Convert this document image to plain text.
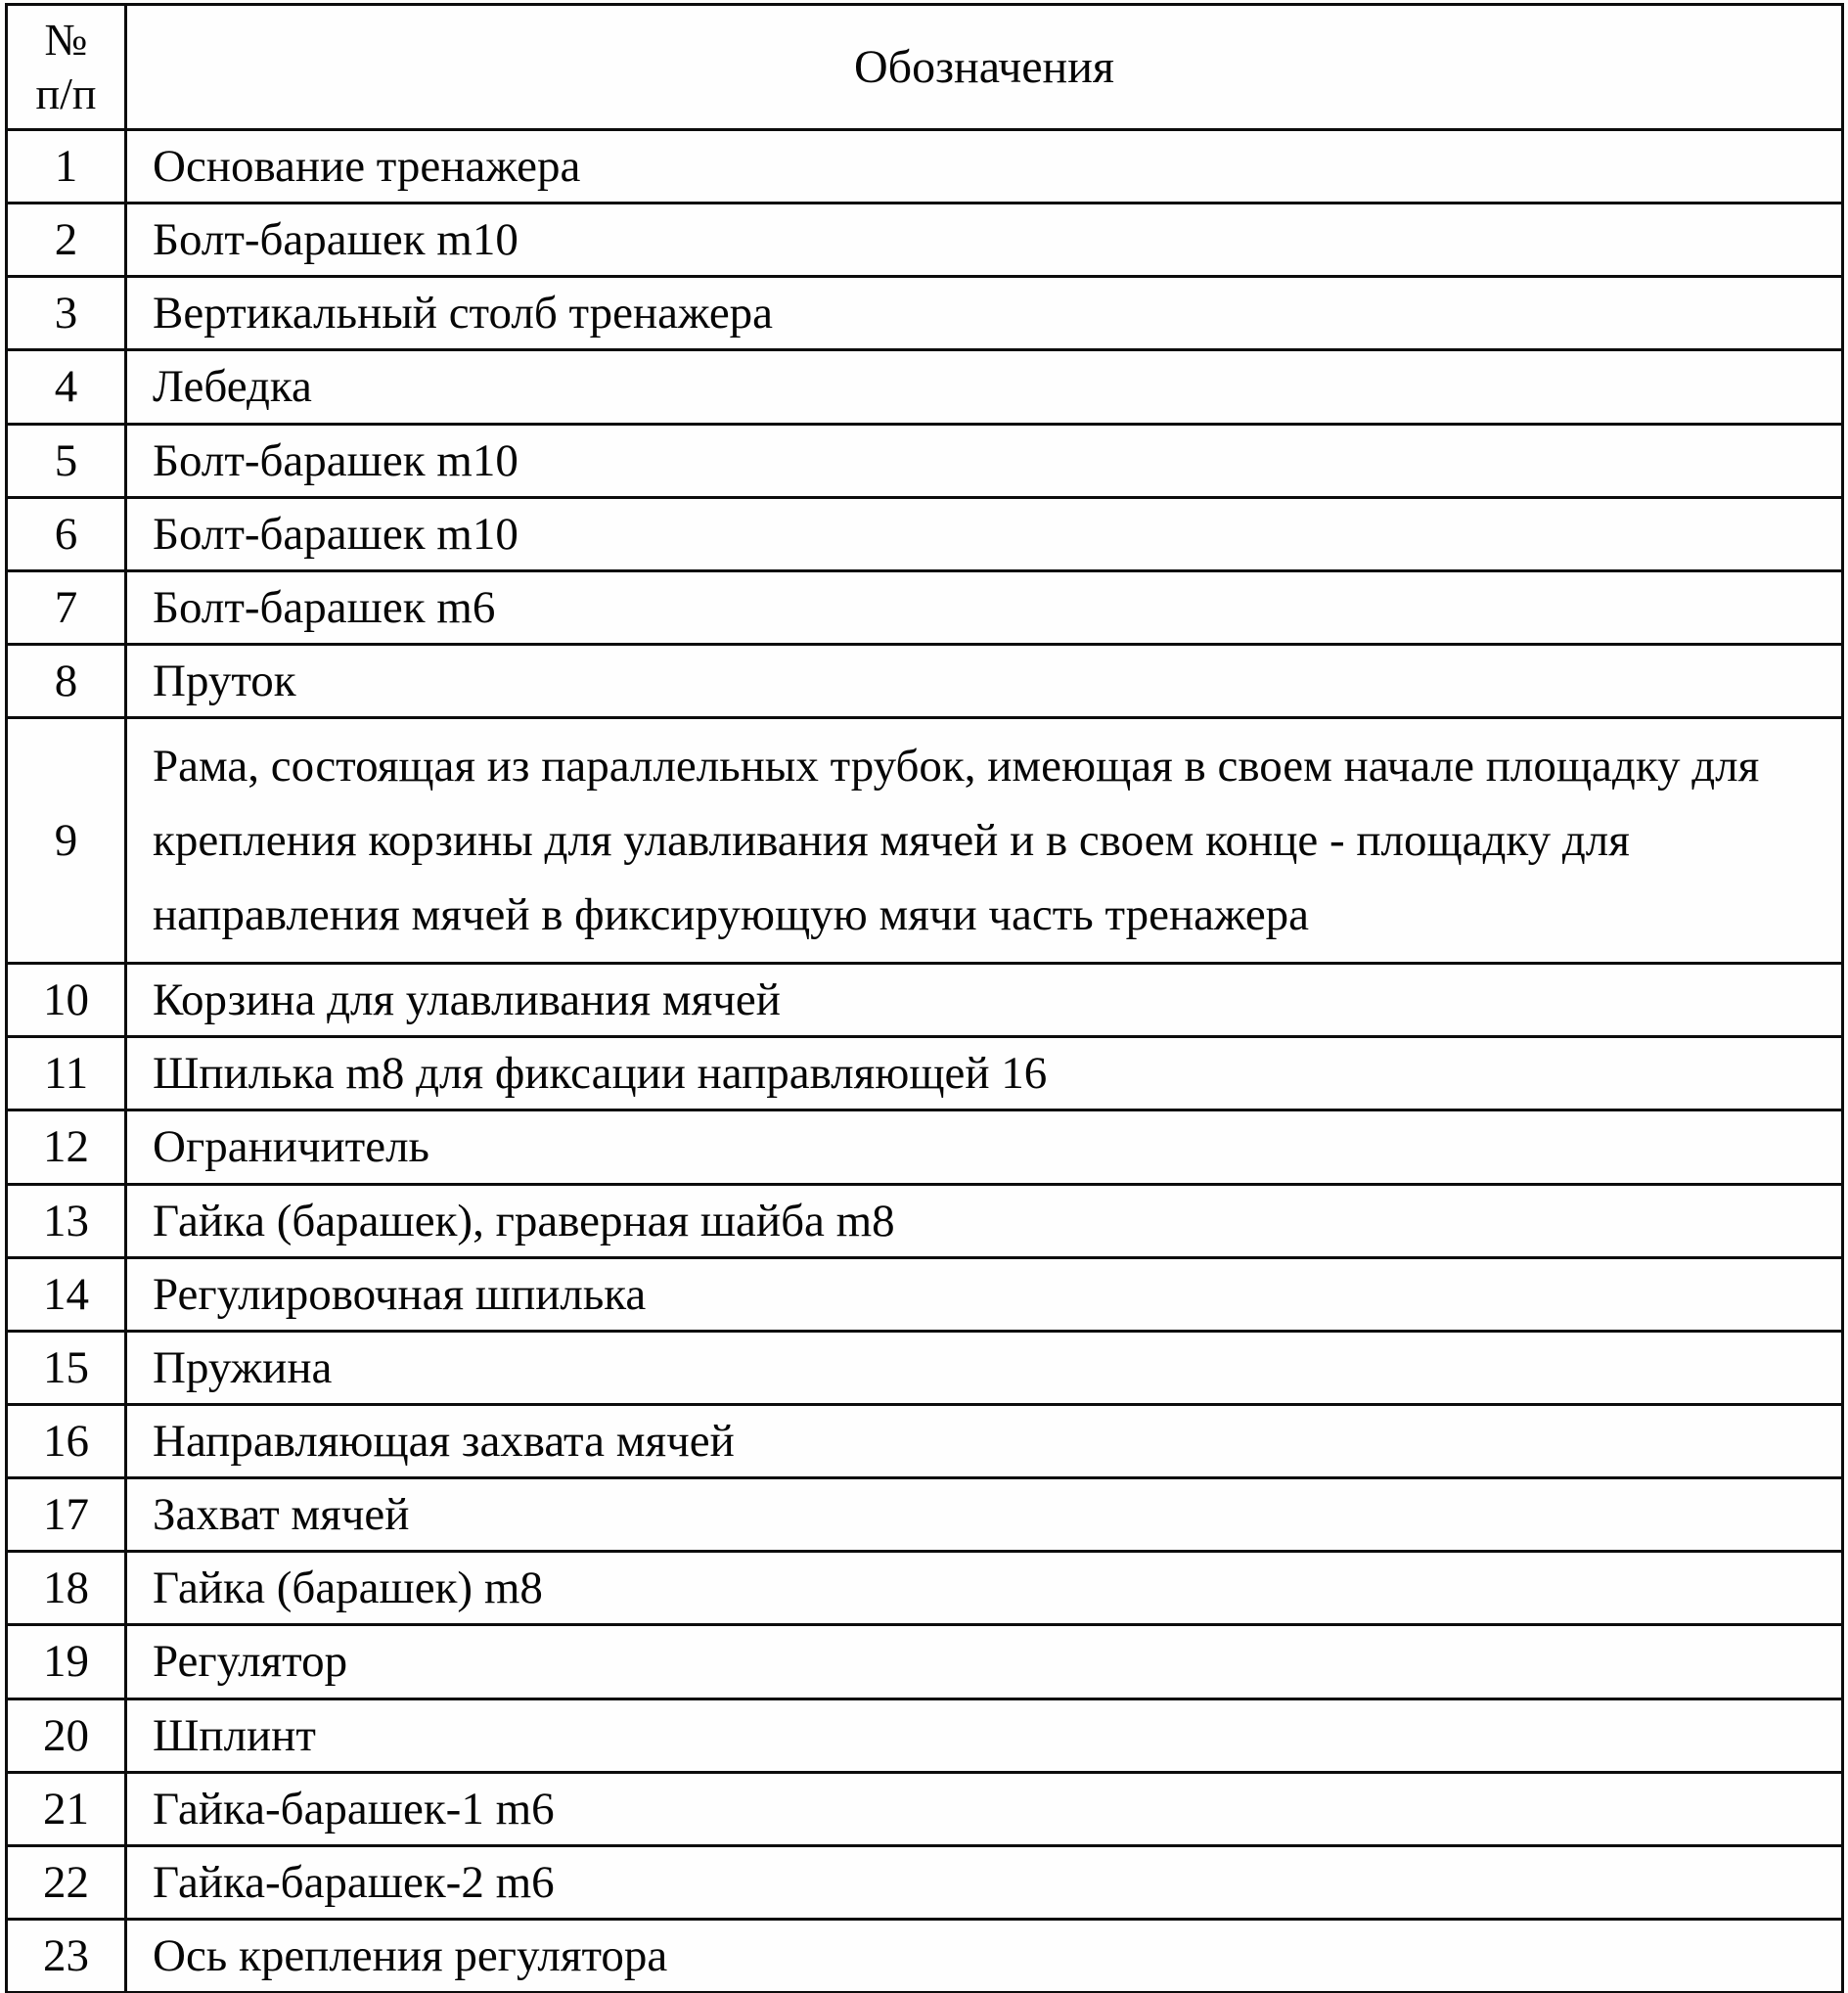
№
п/п	Обозначения
1	Основание тренажера
2	Болт-барашек m10
3	Вертикальный столб тренажера
4	Лебедка
5	Болт-барашек m10
6	Болт-барашек m10
7	Болт-барашек m6
8	Пруток
9	Рама, состоящая из параллельных трубок, имеющая в своем начале площадку для крепления корзины для улавливания мячей и в своем конце - площадку для направления мячей в фиксирующую мячи часть тренажера
10	Корзина для улавливания мячей
11	Шпилька m8 для фиксации направляющей 16
12	Ограничитель
13	Гайка (барашек), граверная шайба m8
14	Регулировочная шпилька
15	Пружина
16	Направляющая захвата мячей
17	Захват мячей
18	Гайка (барашек) m8
19	Регулятор
20	Шплинт
21	Гайка-барашек-1 m6
22	Гайка-барашек-2 m6
23	Ось крепления регулятора
